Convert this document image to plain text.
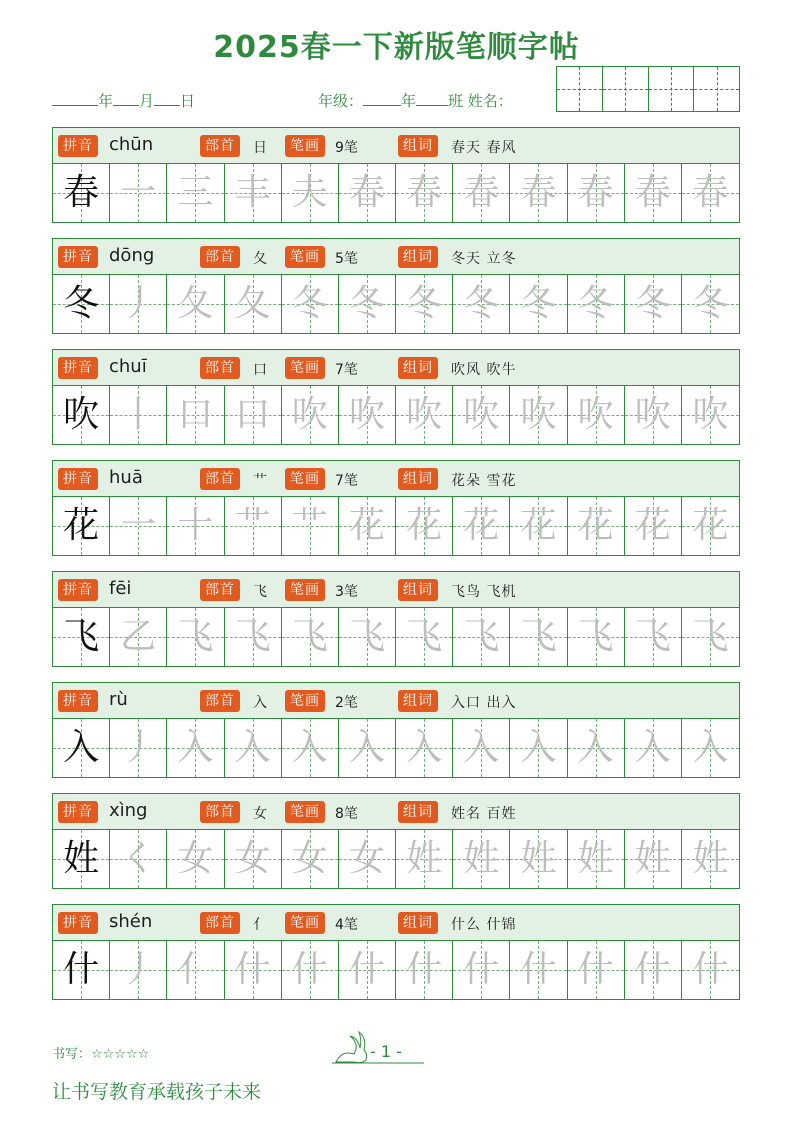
2025春一下新版笔顺字帖
年 月 日	年级：	年 班 姓名：
拼音 chūn	部首	日	笔画	9笔	组词	春天 春风
春 一 三 丰 夫 春 春 春 春 春 春 春
拼音 dōng	部首	夂	笔画	5笔	组词	冬天 立冬
冬 丿 夂 夂 冬 冬 冬 冬 冬 冬 冬 冬
拼音 chuī	部首	口	笔画	7笔	组词	吹风 吹牛
吹 丨 口 口 吹 吹 吹 吹 吹 吹 吹 吹
拼音 huā	部首	艹	笔画	7笔	组词	花朵 雪花
花 一 十 艹 艹 花 花 花 花 花 花 花
拼音 fēi	部首	飞	笔画	3笔	组词	飞鸟 飞机
飞 乙 飞 飞 飞 飞 飞 飞 飞 飞 飞 飞
拼音 rù	部首	入	笔画	2笔	组词	入口 出入
入 丿 入 入 入 入 入 入 入 入 入 入
拼音 xìng	部首	女	笔画	8笔	组词	姓名 百姓
姓 く 女 女 女 女 姓 姓 姓 姓 姓 姓
拼音 shén	部首	亻	笔画	4笔	组词	什么 什锦
什 丿 亻 什 什 什 什 什 什 什 什 什
书写：☆☆☆☆☆	- 1 -
让书写教育承载孩子未来
